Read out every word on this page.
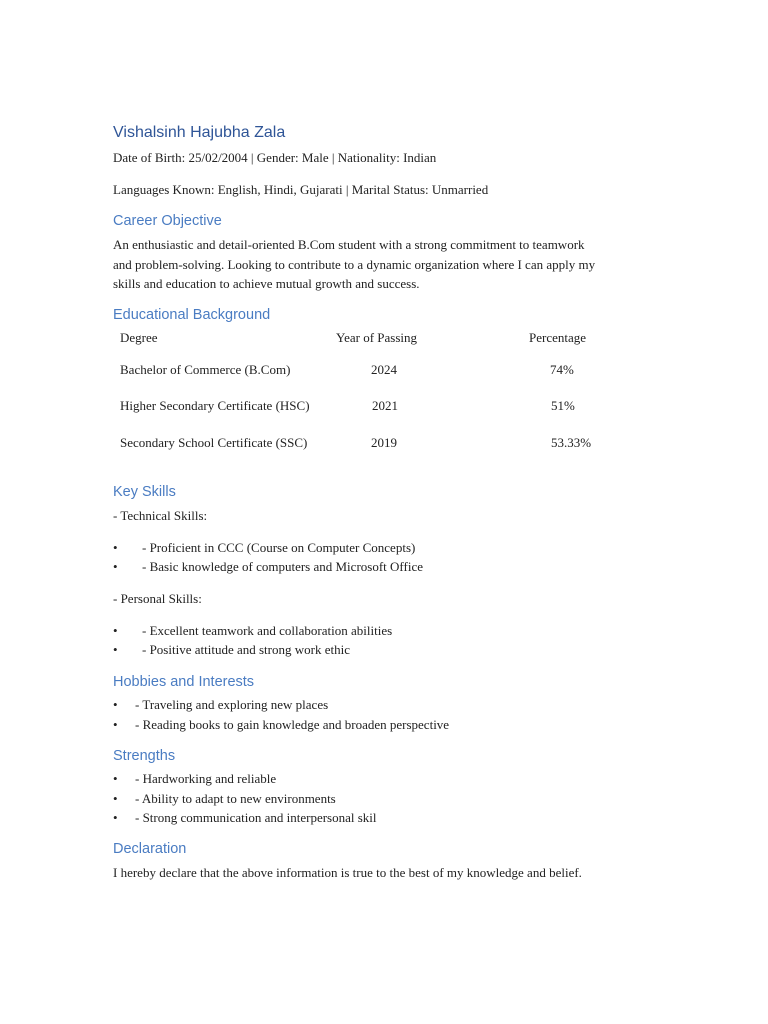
Vishalsinh Hajubha Zala
Date of Birth: 25/02/2004 | Gender: Male | Nationality: Indian
Languages Known: English, Hindi, Gujarati | Marital Status: Unmarried
Career Objective
An enthusiastic and detail-oriented B.Com student with a strong commitment to teamwork
and problem-solving. Looking to contribute to a dynamic organization where I can apply my
skills and education to achieve mutual growth and success.
Educational Background
Degree	Year of Passing	Percentage
Bachelor of Commerce (B.Com)	2024	74%
Higher Secondary Certificate (HSC)	2021	51%
Secondary School Certificate (SSC)	2019	53.33%
Key Skills
- Technical Skills:
• - Proficient in CCC (Course on Computer Concepts)
• - Basic knowledge of computers and Microsoft Office
- Personal Skills:
• - Excellent teamwork and collaboration abilities
• - Positive attitude and strong work ethic
Hobbies and Interests
• - Traveling and exploring new places
• - Reading books to gain knowledge and broaden perspective
Strengths
• - Hardworking and reliable
• - Ability to adapt to new environments
• - Strong communication and interpersonal skil
Declaration
I hereby declare that the above information is true to the best of my knowledge and belief.
